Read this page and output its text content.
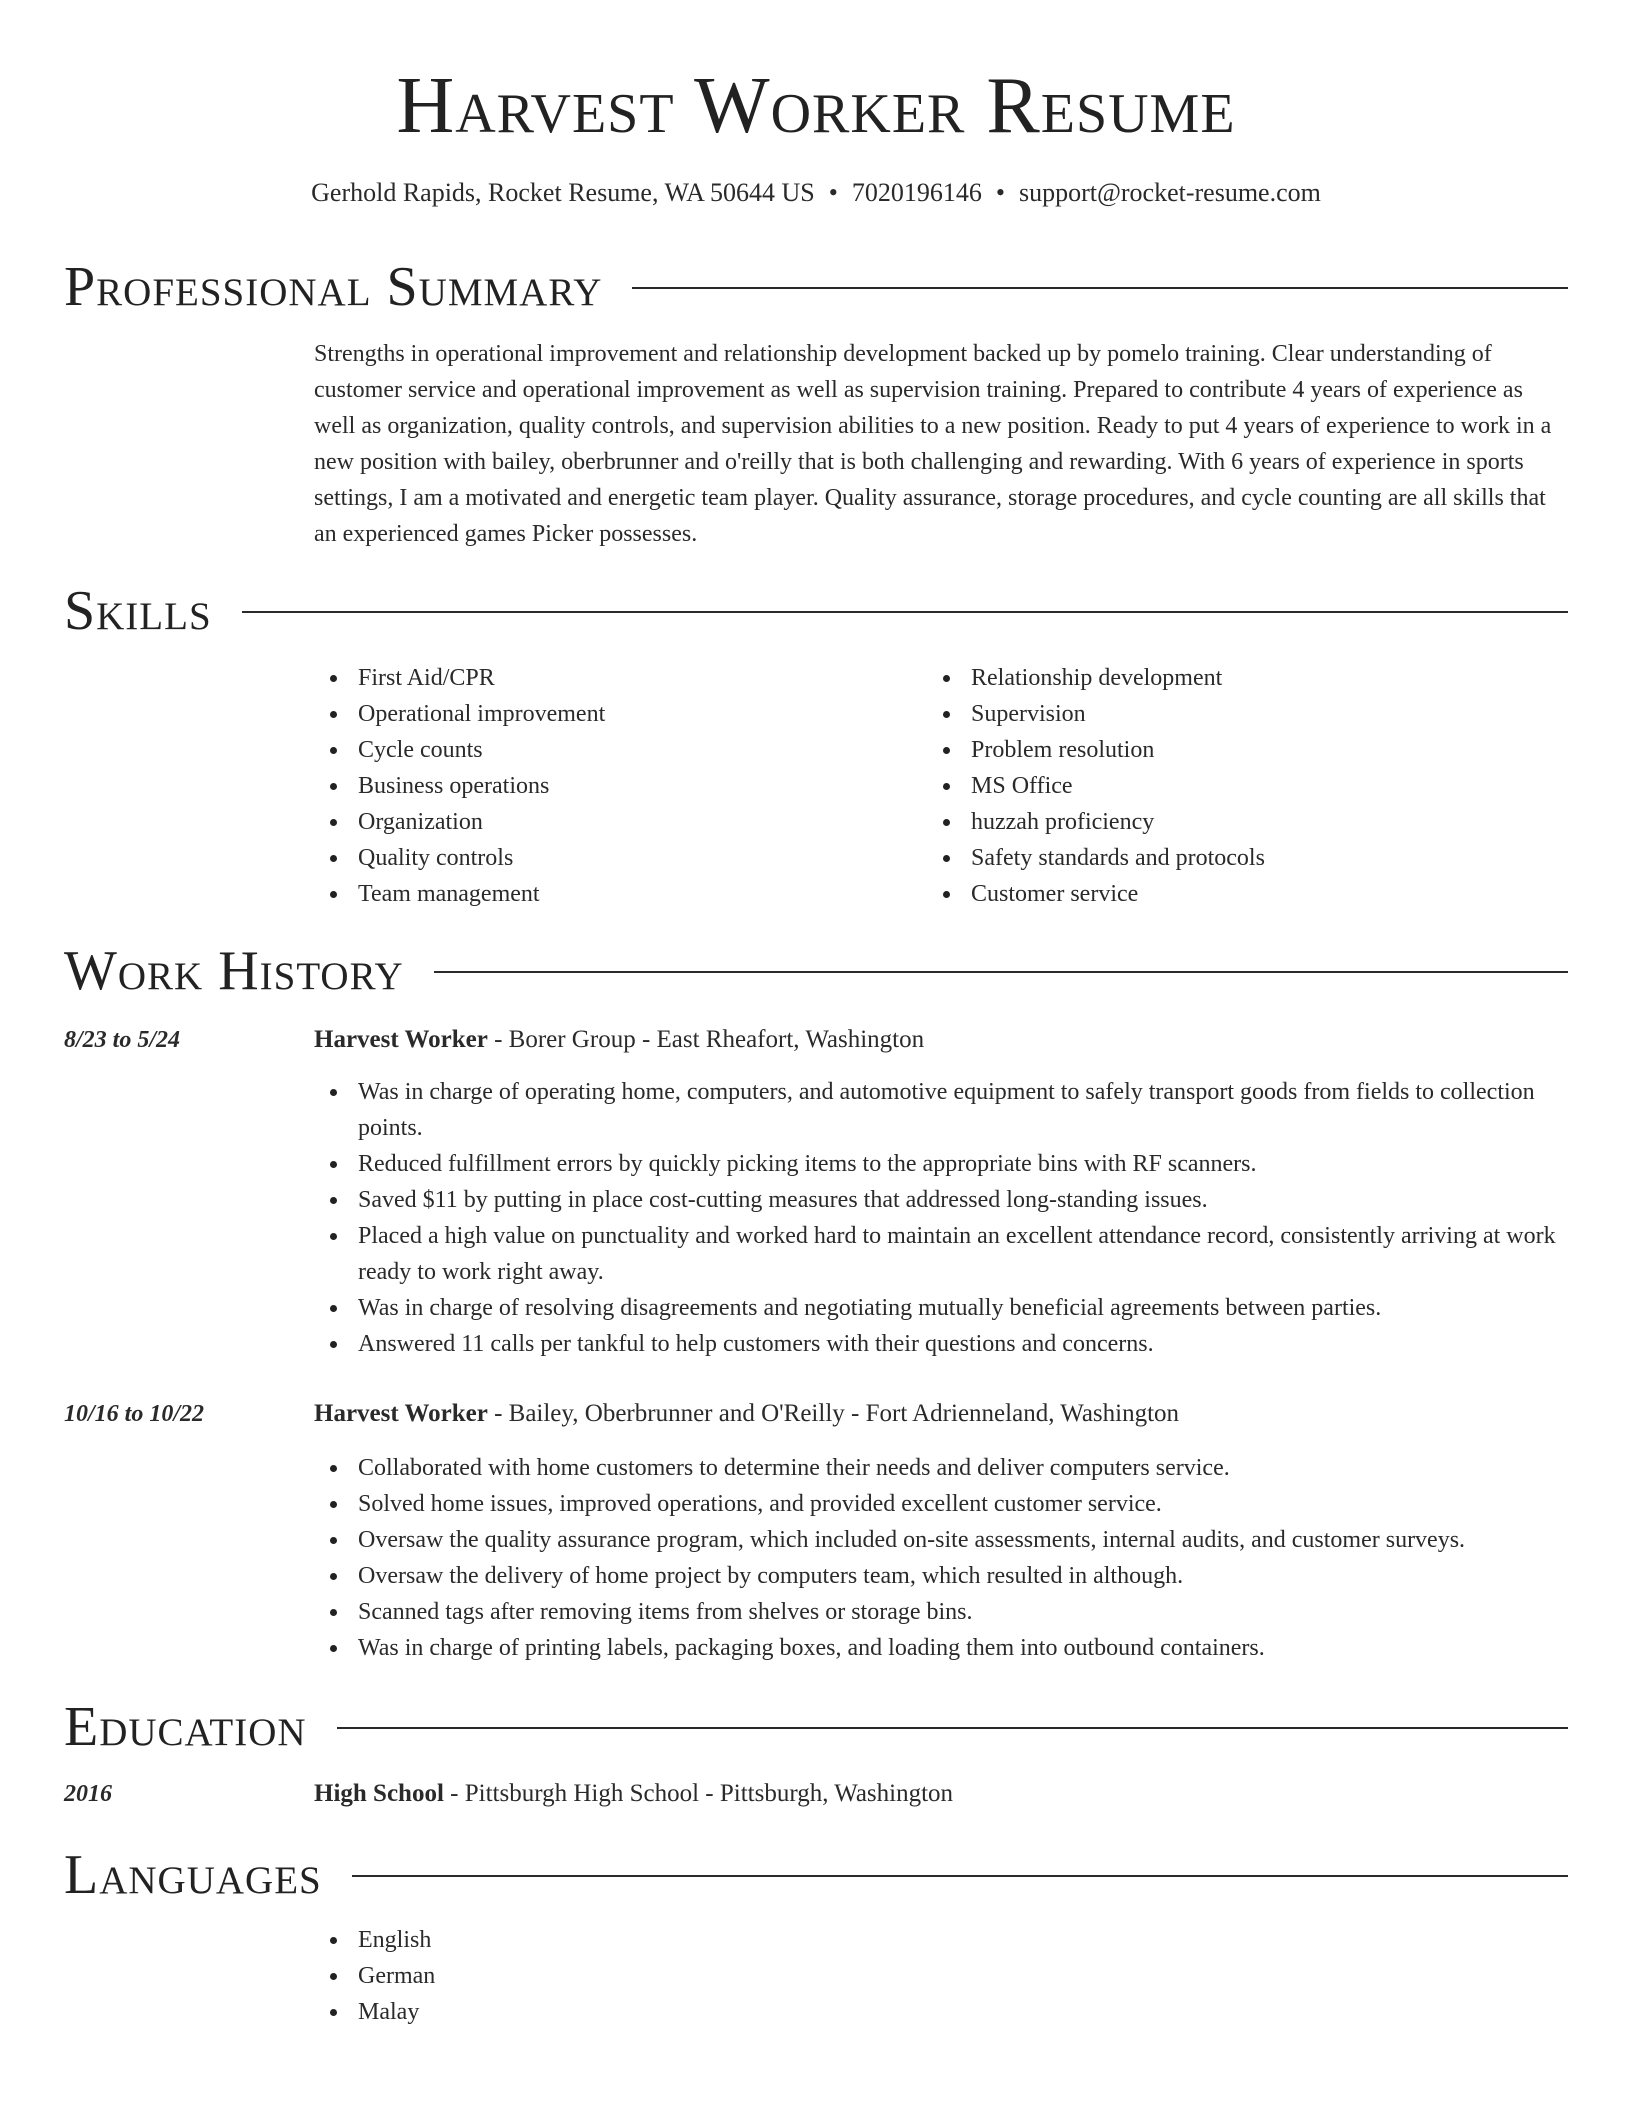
Harvest Worker Resume
Gerhold Rapids, Rocket Resume, WA 50644 US • 7020196146 • support@rocket-resume.com
Professional Summary
Strengths in operational improvement and relationship development backed up by pomelo training. Clear understanding of customer service and operational improvement as well as supervision training. Prepared to contribute 4 years of experience as well as organization, quality controls, and supervision abilities to a new position. Ready to put 4 years of experience to work in a new position with bailey, oberbrunner and o'reilly that is both challenging and rewarding. With 6 years of experience in sports settings, I am a motivated and energetic team player. Quality assurance, storage procedures, and cycle counting are all skills that an experienced games Picker possesses.
Skills
First Aid/CPR
Operational improvement
Cycle counts
Business operations
Organization
Quality controls
Team management
Relationship development
Supervision
Problem resolution
MS Office
huzzah proficiency
Safety standards and protocols
Customer service
Work History
8/23 to 5/24	Harvest Worker - Borer Group - East Rheafort, Washington
Was in charge of operating home, computers, and automotive equipment to safely transport goods from fields to collection points.
Reduced fulfillment errors by quickly picking items to the appropriate bins with RF scanners.
Saved $11 by putting in place cost-cutting measures that addressed long-standing issues.
Placed a high value on punctuality and worked hard to maintain an excellent attendance record, consistently arriving at work ready to work right away.
Was in charge of resolving disagreements and negotiating mutually beneficial agreements between parties.
Answered 11 calls per tankful to help customers with their questions and concerns.
10/16 to 10/22	Harvest Worker - Bailey, Oberbrunner and O'Reilly - Fort Adrienneland, Washington
Collaborated with home customers to determine their needs and deliver computers service.
Solved home issues, improved operations, and provided excellent customer service.
Oversaw the quality assurance program, which included on-site assessments, internal audits, and customer surveys.
Oversaw the delivery of home project by computers team, which resulted in although.
Scanned tags after removing items from shelves or storage bins.
Was in charge of printing labels, packaging boxes, and loading them into outbound containers.
Education
2016	High School - Pittsburgh High School - Pittsburgh, Washington
Languages
English
German
Malay
